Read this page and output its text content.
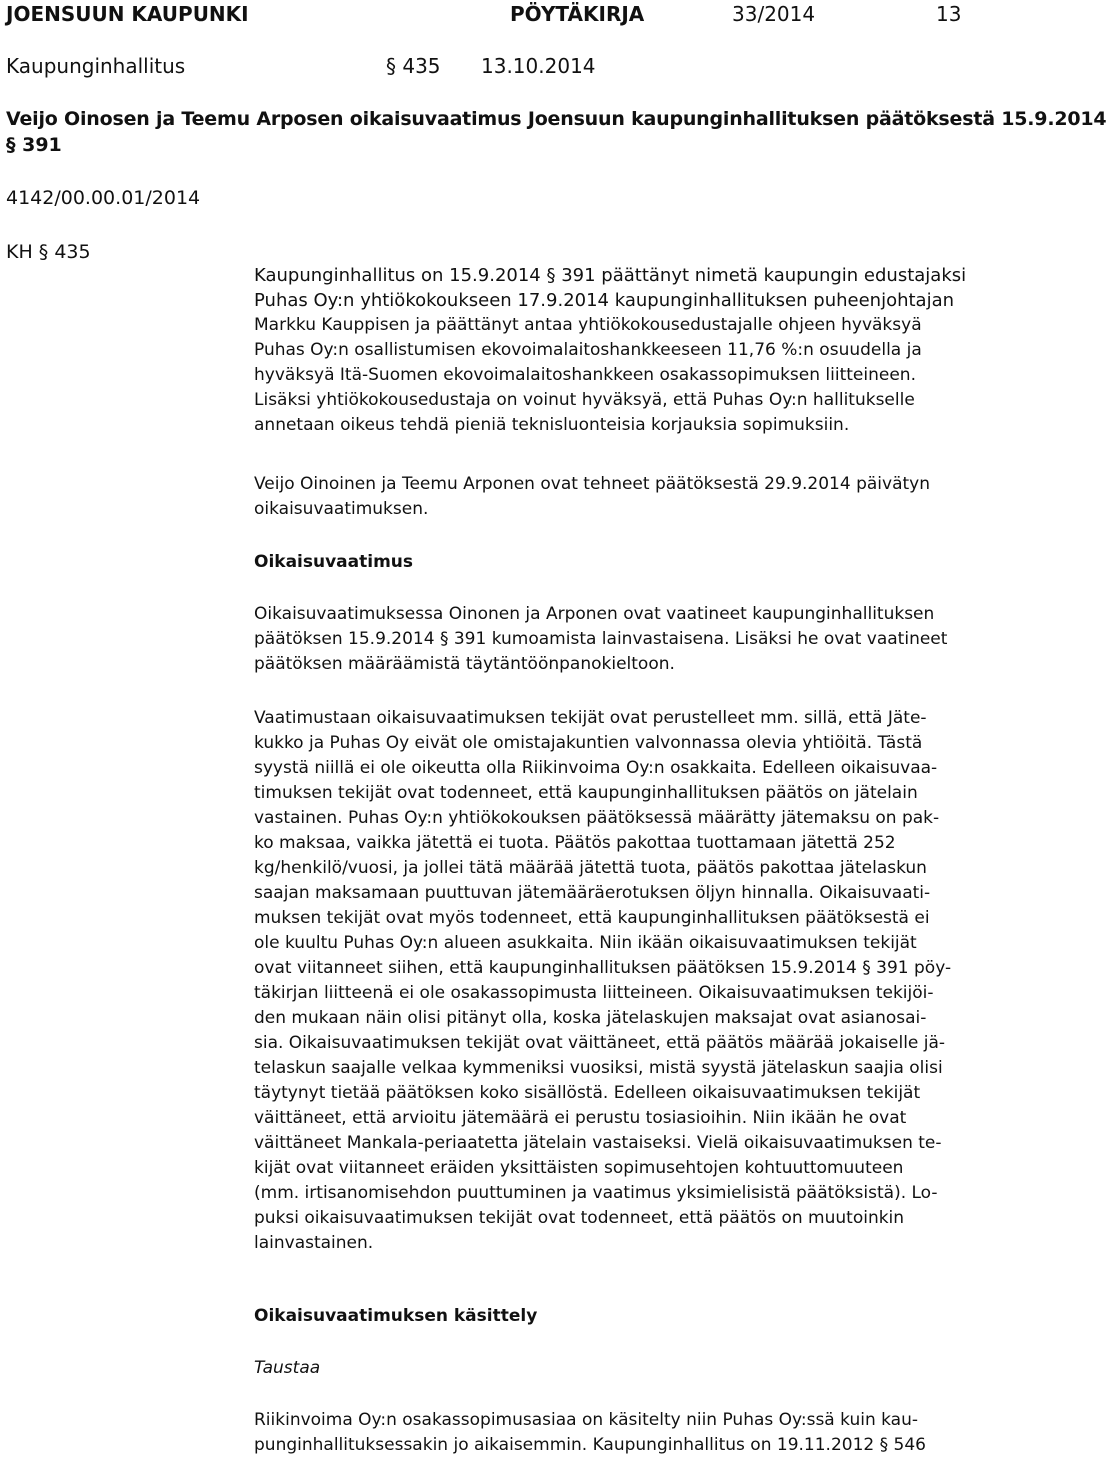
JOENSUUN KAUPUNKI	PÖYTÄKIRJA	33/2014	13
Kaupunginhallitus	§ 435 13.10.2014
Veijo Oinosen ja Teemu Arposen oikaisuvaatimus Joensuun kaupunginhallituksen päätöksestä 15.9.2014
§ 391
4142/00.00.01/2014
KH § 435
Kaupunginhallitus on 15.9.2014 § 391 päättänyt nimetä kaupungin edustajaksi
Puhas Oy:n yhtiökokoukseen 17.9.2014 kaupunginhallituksen puheenjohtajan
Markku Kauppisen ja päättänyt antaa yhtiökokousedustajalle ohjeen hyväksyä
Puhas Oy:n osallistumisen ekovoimalaitoshankkeeseen 11,76 %:n osuudella ja
hyväksyä Itä-Suomen ekovoimalaitoshankkeen osakassopimuksen liitteineen.
Lisäksi yhtiökokousedustaja on voinut hyväksyä, että Puhas Oy:n hallitukselle
annetaan oikeus tehdä pieniä teknisluonteisia korjauksia sopimuksiin.
Veijo Oinoinen ja Teemu Arponen ovat tehneet päätöksestä 29.9.2014 päivätyn
oikaisuvaatimuksen.
Oikaisuvaatimus
Oikaisuvaatimuksessa Oinonen ja Arponen ovat vaatineet kaupunginhallituksen
päätöksen 15.9.2014 § 391 kumoamista lainvastaisena. Lisäksi he ovat vaatineet
päätöksen määräämistä täytäntöönpanokieltoon.
Vaatimustaan oikaisuvaatimuksen tekijät ovat perustelleet mm. sillä, että Jäte-
kukko ja Puhas Oy eivät ole omistajakuntien valvonnassa olevia yhtiöitä. Tästä
syystä niillä ei ole oikeutta olla Riikinvoima Oy:n osakkaita. Edelleen oikaisuvaa-
timuksen tekijät ovat todenneet, että kaupunginhallituksen päätös on jätelain
vastainen. Puhas Oy:n yhtiökokouksen päätöksessä määrätty jätemaksu on pak-
ko maksaa, vaikka jätettä ei tuota. Päätös pakottaa tuottamaan jätettä 252
kg/henkilö/vuosi, ja jollei tätä määrää jätettä tuota, päätös pakottaa jätelaskun
saajan maksamaan puuttuvan jätemääräerotuksen öljyn hinnalla. Oikaisuvaati-
muksen tekijät ovat myös todenneet, että kaupunginhallituksen päätöksestä ei
ole kuultu Puhas Oy:n alueen asukkaita. Niin ikään oikaisuvaatimuksen tekijät
ovat viitanneet siihen, että kaupunginhallituksen päätöksen 15.9.2014 § 391 pöy-
täkirjan liitteenä ei ole osakassopimusta liitteineen. Oikaisuvaatimuksen tekijöi-
den mukaan näin olisi pitänyt olla, koska jätelaskujen maksajat ovat asianosai-
sia. Oikaisuvaatimuksen tekijät ovat väittäneet, että päätös määrää jokaiselle jä-
telaskun saajalle velkaa kymmeniksi vuosiksi, mistä syystä jätelaskun saajia olisi
täytynyt tietää päätöksen koko sisällöstä. Edelleen oikaisuvaatimuksen tekijät
väittäneet, että arvioitu jätemäärä ei perustu tosiasioihin. Niin ikään he ovat
väittäneet Mankala-periaatetta jätelain vastaiseksi. Vielä oikaisuvaatimuksen te-
kijät ovat viitanneet eräiden yksittäisten sopimusehtojen kohtuuttomuuteen
(mm. irtisanomisehdon puuttuminen ja vaatimus yksimielisistä päätöksistä). Lo-
puksi oikaisuvaatimuksen tekijät ovat todenneet, että päätös on muutoinkin
lainvastainen.
Oikaisuvaatimuksen käsittely
Taustaa
Riikinvoima Oy:n osakassopimusasiaa on käsitelty niin Puhas Oy:ssä kuin kau-
punginhallituksessakin jo aikaisemmin. Kaupunginhallitus on 19.11.2012 § 546
